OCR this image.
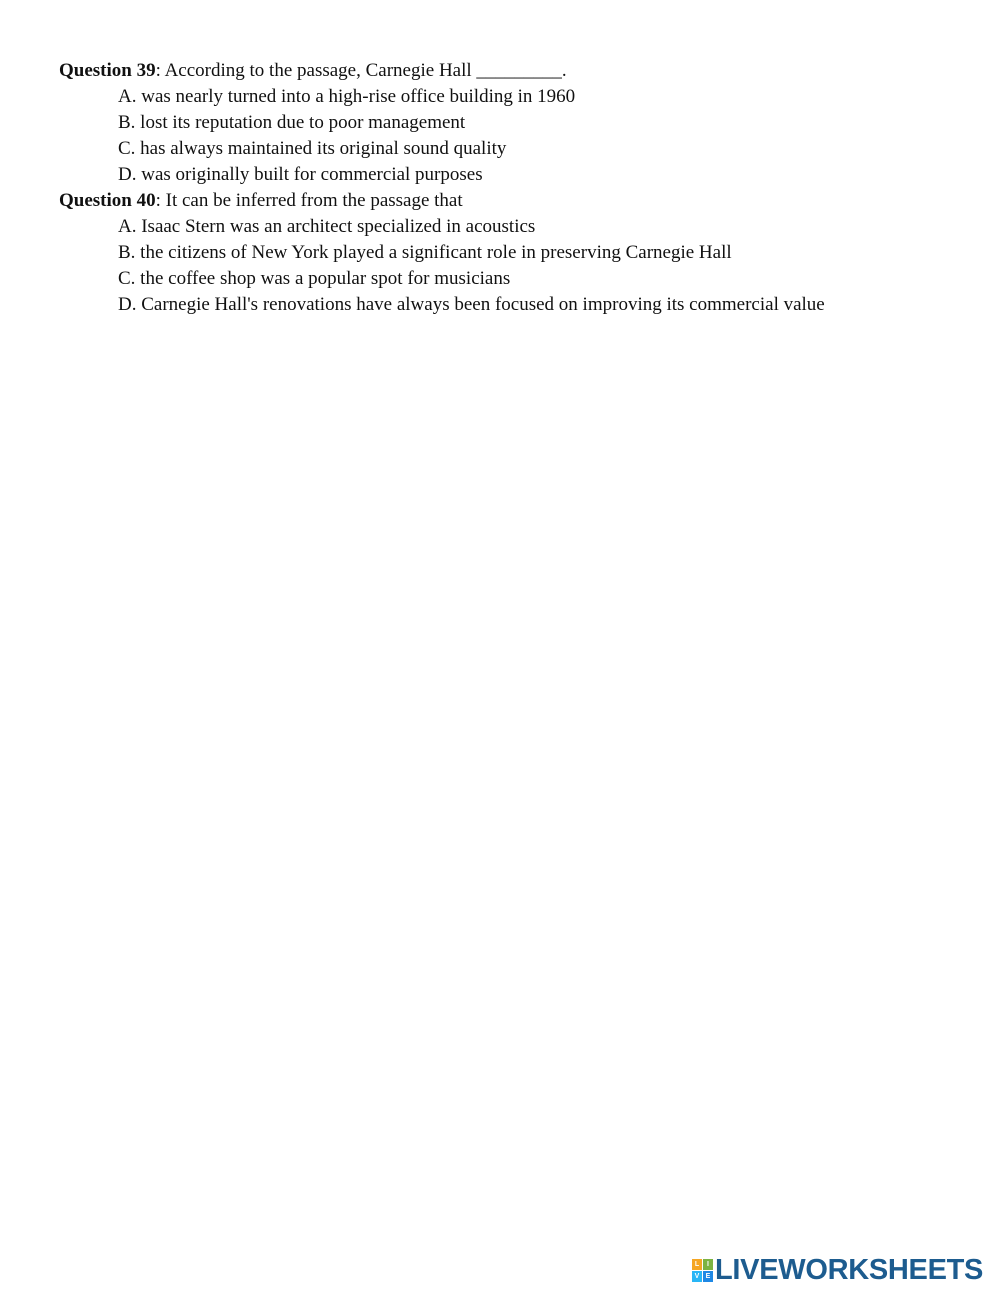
Question 39: According to the passage, Carnegie Hall _________.
A. was nearly turned into a high-rise office building in 1960
B. lost its reputation due to poor management
C. has always maintained its original sound quality
D. was originally built for commercial purposes
Question 40: It can be inferred from the passage that
A. Isaac Stern was an architect specialized in acoustics
B. the citizens of New York played a significant role in preserving Carnegie Hall
C. the coffee shop was a popular spot for musicians
D. Carnegie Hall's renovations have always been focused on improving its commercial value
L	I
V E LIVEWORKSHEETS
